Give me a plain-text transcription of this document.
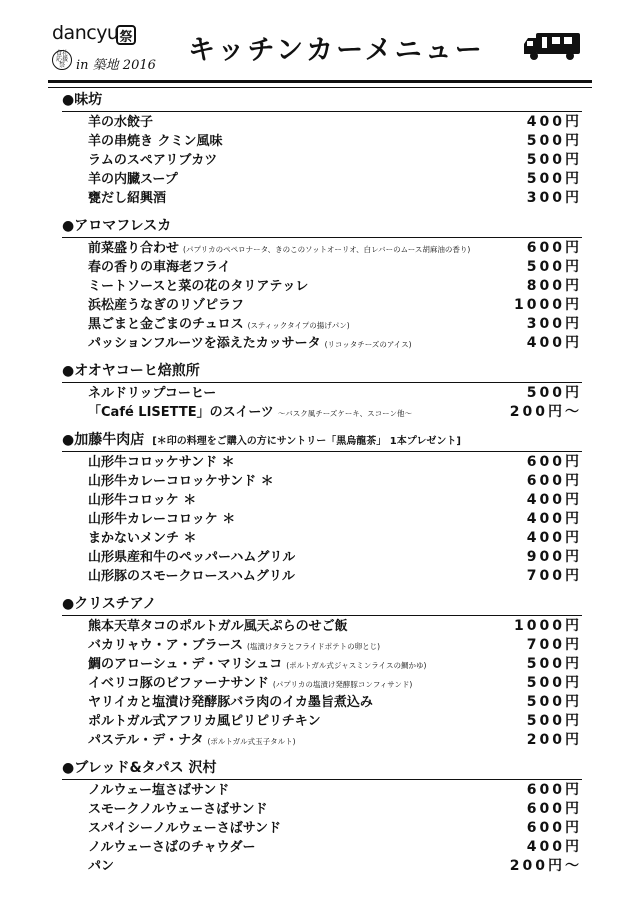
dancyu 祭
食社応援祭 in 築地 2016 キッチンカーメニュー
●味坊
羊の水餃子	400円
羊の串焼き クミン風味	500円
ラムのスペアリブカツ	500円
羊の内臓スープ	500円
甕だし紹興酒	300円
●アロマフレスカ
前菜盛り合わせ (パプリカのペペロナータ、きのこのソットオーリオ、白レバーのムース胡麻油の香り)	600円
春の香りの車海老フライ	500円
ミートソースと菜の花のタリアテッレ	800円
浜松産うなぎのリゾピラフ	1000円
黒ごまと金ごまのチュロス (スティックタイプの揚げパン)	300円
パッションフルーツを添えたカッサータ (リコッタチーズのアイス)	400円
●オオヤコーヒ焙煎所
ネルドリップコーヒー	500円
「Café LISETTE」のスイーツ ～バスク風チーズケーキ、スコーン他～	200円～
●加藤牛肉店 [＊印の料理をご購入の方にサントリー「黒烏龍茶」 1本プレゼント]
山形牛コロッケサンド ＊	600円
山形牛カレーコロッケサンド ＊	600円
山形牛コロッケ ＊	400円
山形牛カレーコロッケ ＊	400円
まかないメンチ ＊	400円
山形県産和牛のペッパーハムグリル	900円
山形豚のスモークロースハムグリル	700円
●クリスチアノ
熊本天草タコのポルトガル風天ぷらのせご飯	1000円
バカリャウ・ア・ブラース (塩漬けタラとフライドポテトの卵とじ)	700円
鯛のアローシュ・デ・マリシュコ (ポルトガル式ジャスミンライスの鯛かゆ)	500円
イベリコ豚のビファーナサンド (パプリカの塩漬け発酵豚コンフィサンド)	500円
ヤリイカと塩漬け発酵豚バラ肉のイカ墨旨煮込み	500円
ポルトガル式アフリカ風ピリピリチキン	500円
パステル・デ・ナタ (ポルトガル式玉子タルト)	200円
●ブレッド&タパス 沢村
ノルウェー塩さばサンド	600円
スモークノルウェーさばサンド	600円
スパイシーノルウェーさばサンド	600円
ノルウェーさばのチャウダー	400円
パン	200円～
